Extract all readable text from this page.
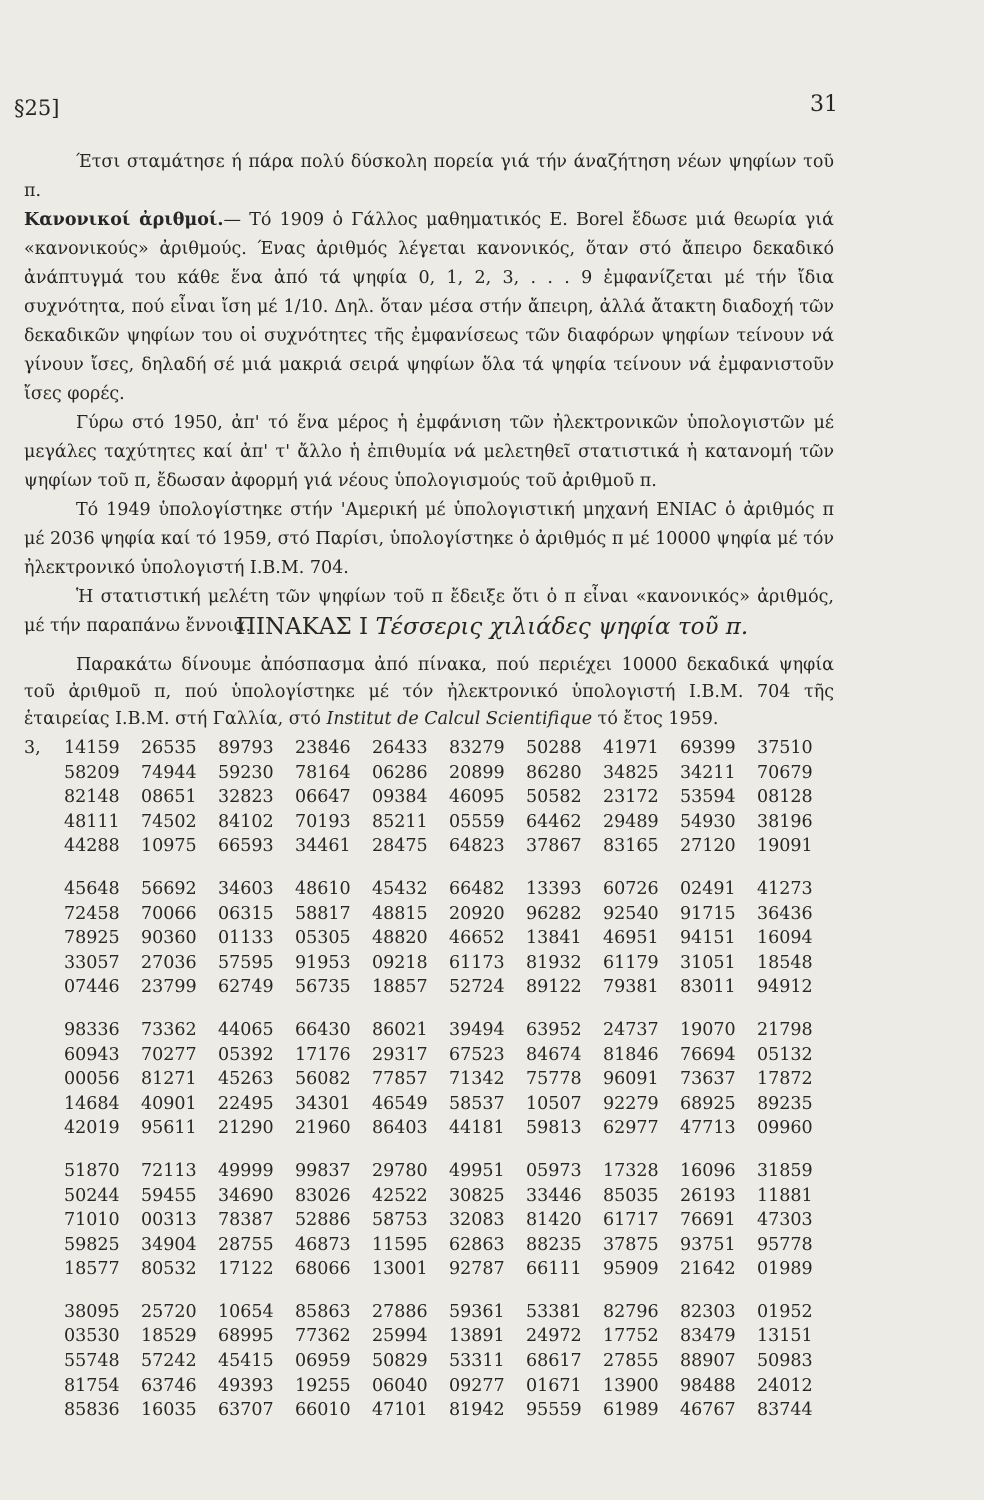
§25]	31

Έτσι σταμάτησε ή πάρα πολύ δύσκολη πορεία γιά τήν άναζήτηση νέων ψηφίων τοῦ π.

Κανονικοί ἀριθμοί.— Τό 1909 ὁ Γάλλος μαθηματικός E. Borel ἔδωσε μιά θεωρία γιά «κανονικούς» ἀριθμούς. Ένας ἀριθμός λέγεται κανονικός, ὅταν στό ἄπειρο δεκαδικό ἀνάπτυγμά του κάθε ἕνα ἀπό τά ψηφία 0, 1, 2, 3, . . . 9 ἐμφανίζεται μέ τήν ἴδια συχνότητα, πού εἶναι ἴση μέ 1/10. Δηλ. ὅταν μέσα στήν ἄπειρη, ἀλλά ἄτακτη διαδοχή τῶν δεκαδικῶν ψηφίων του οἱ συχνότητες τῆς ἐμφανίσεως τῶν διαφόρων ψηφίων τείνουν νά γίνουν ἴσες, δηλαδή σέ μιά μακριά σειρά ψηφίων ὅλα τά ψηφία τείνουν νά ἐμφανιστοῦν ἴσες φορές.

Γύρω στό 1950, ἀπ' τό ἕνα μέρος ἡ ἐμφάνιση τῶν ἠλεκτρονικῶν ὑπολογιστῶν μέ μεγάλες ταχύτητες καί ἀπ' τ' ἄλλο ἡ ἐπιθυμία νά μελετηθεῖ στατιστικά ἡ κατανομή τῶν ψηφίων τοῦ π, ἔδωσαν ἀφορμή γιά νέους ὑπολογισμούς τοῦ ἀριθμοῦ π.

Τό 1949 ὑπολογίστηκε στήν 'Αμερική μέ ὑπολογιστική μηχανή ENIAC ὁ ἀριθμός π μέ 2036 ψηφία καί τό 1959, στό Παρίσι, ὑπολογίστηκε ὁ ἀριθμός π μέ 10000 ψηφία μέ τόν ἠλεκτρονικό ὑπολογιστή I.B.M. 704.

Ἡ στατιστική μελέτη τῶν ψηφίων τοῦ π ἔδειξε ὅτι ὁ π εἶναι «κανονικός» ἀριθμός, μέ τήν παραπάνω ἔννοια.

ΠΙΝΑΚΑΣ Ι Τέσσερις χιλιάδες ψηφία τοῦ π.

Παρακάτω δίνουμε ἀπόσπασμα ἀπό πίνακα, πού περιέχει 10000 δεκαδικά ψηφία τοῦ ἀριθμοῦ π, πού ὑπολογίστηκε μέ τόν ἠλεκτρονικό ὑπολογιστή I.B.M. 704 τῆς ἑταιρείας I.B.M. στή Γαλλία, στό Institut de Calcul Scientifique τό ἔτος 1959.

3, 14159 26535 89793 23846 26433 83279 50288 41971 69399 37510
58209 74944 59230 78164 06286 20899 86280 34825 34211 70679
82148 08651 32823 06647 09384 46095 50582 23172 53594 08128
48111 74502 84102 70193 85211 05559 64462 29489 54930 38196
44288 10975 66593 34461 28475 64823 37867 83165 27120 19091
45648 56692 34603 48610 45432 66482 13393 60726 02491 41273
72458 70066 06315 58817 48815 20920 96282 92540 91715 36436
78925 90360 01133 05305 48820 46652 13841 46951 94151 16094
33057 27036 57595 91953 09218 61173 81932 61179 31051 18548
07446 23799 62749 56735 18857 52724 89122 79381 83011 94912
98336 73362 44065 66430 86021 39494 63952 24737 19070 21798
60943 70277 05392 17176 29317 67523 84674 81846 76694 05132
00056 81271 45263 56082 77857 71342 75778 96091 73637 17872
14684 40901 22495 34301 46549 58537 10507 92279 68925 89235
42019 95611 21290 21960 86403 44181 59813 62977 47713 09960
51870 72113 49999 99837 29780 49951 05973 17328 16096 31859
50244 59455 34690 83026 42522 30825 33446 85035 26193 11881
71010 00313 78387 52886 58753 32083 81420 61717 76691 47303
59825 34904 28755 46873 11595 62863 88235 37875 93751 95778
18577 80532 17122 68066 13001 92787 66111 95909 21642 01989
38095 25720 10654 85863 27886 59361 53381 82796 82303 01952
03530 18529 68995 77362 25994 13891 24972 17752 83479 13151
55748 57242 45415 06959 50829 53311 68617 27855 88907 50983
81754 63746 49393 19255 06040 09277 01671 13900 98488 24012
85836 16035 63707 66010 47101 81942 95559 61989 46767 83744
